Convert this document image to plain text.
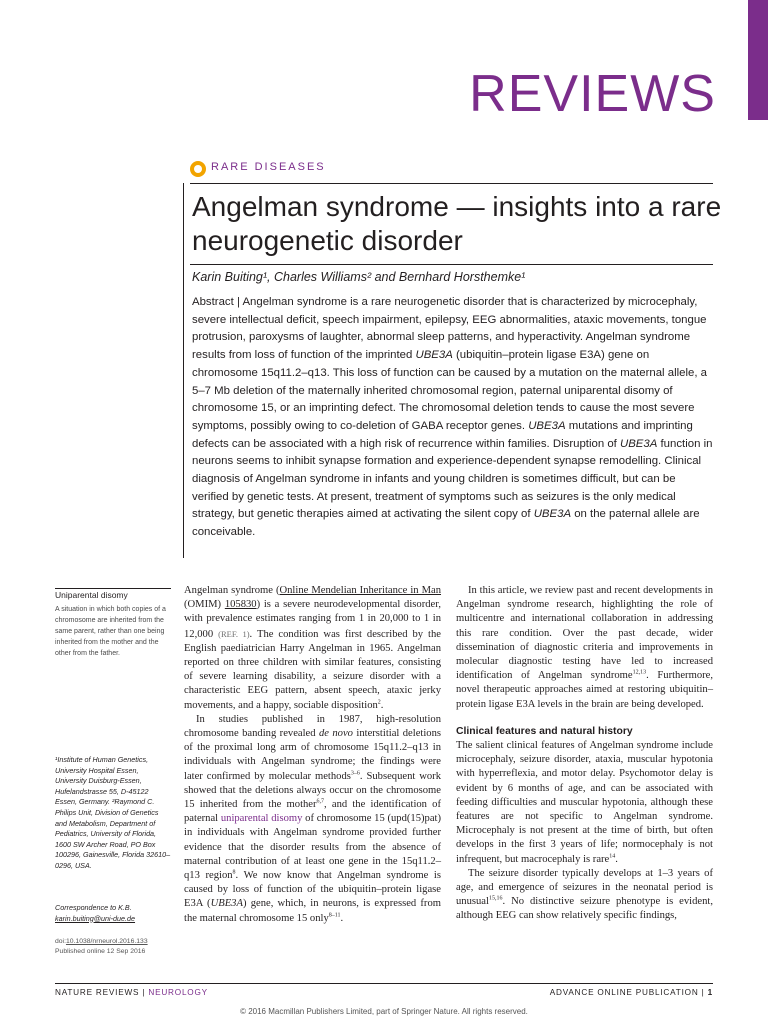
REVIEWS
RARE DISEASES
Angelman syndrome — insights into a rare neurogenetic disorder
Karin Buiting¹, Charles Williams² and Bernhard Horsthemke¹
Abstract | Angelman syndrome is a rare neurogenetic disorder that is characterized by microcephaly, severe intellectual deficit, speech impairment, epilepsy, EEG abnormalities, ataxic movements, tongue protrusion, paroxysms of laughter, abnormal sleep patterns, and hyperactivity. Angelman syndrome results from loss of function of the imprinted UBE3A (ubiquitin–protein ligase E3A) gene on chromosome 15q11.2–q13. This loss of function can be caused by a mutation on the maternal allele, a 5–7 Mb deletion of the maternally inherited chromosomal region, paternal uniparental disomy of chromosome 15, or an imprinting defect. The chromosomal deletion tends to cause the most severe symptoms, possibly owing to co-deletion of GABA receptor genes. UBE3A mutations and imprinting defects can be associated with a high risk of recurrence within families. Disruption of UBE3A function in neurons seems to inhibit synapse formation and experience-dependent synapse remodelling. Clinical diagnosis of Angelman syndrome in infants and young children is sometimes difficult, but can be verified by genetic tests. At present, treatment of symptoms such as seizures is the only medical strategy, but genetic therapies aimed at activating the silent copy of UBE3A on the paternal allele are conceivable.
Uniparental disomy
A situation in which both copies of a chromosome are inherited from the same parent, rather than one being inherited from the mother and the other from the father.
¹Institute of Human Genetics, University Hospital Essen, University Duisburg-Essen, Hufelandstrasse 55, D-45122 Essen, Germany. ²Raymond C. Philips Unit, Division of Genetics and Metabolism, Department of Pediatrics, University of Florida, 1600 SW Archer Road, PO Box 100296, Gainesville, Florida 32610–0296, USA.
Correspondence to K.B.
karin.buiting@uni-due.de
doi:10.1038/nrneurol.2016.133
Published online 12 Sep 2016

Angelman syndrome (Online Mendelian Inheritance in Man (OMIM) 105830) is a severe neurodevelopmental disorder, with prevalence estimates ranging from 1 in 20,000 to 1 in 12,000 (REF. 1). The condition was first described by the English paediatrician Harry Angelman in 1965. Angelman reported on three children with similar features, consisting of severe learning disability, a seizure disorder with a characteristic EEG pattern, absent speech, ataxic jerky movements, and a happy, sociable disposition$^2$.

In studies published in 1987, high-resolution chromosome banding revealed de novo interstitial deletions of the proximal long arm of chromosome 15q11.2–q13 in individuals with Angelman syndrome; the findings were later confirmed by molecular methods$^{3-6}$. Subsequent work showed that the deletions always occur on the chromosome 15 inherited from the mother$^{6,7}$, and the identification of paternal uniparental disomy of chromosome 15 (upd(15)pat) in individuals with Angelman syndrome provided further evidence that the disorder results from the absence of maternal contribution of at least one gene in the 15q11.2–q13 region$^8$. We now know that Angelman syndrome is caused by loss of function of the ubiquitin–protein ligase E3A (UBE3A) gene, which, in neurons, is expressed from the maternal chromosome 15 only$^{8-11}$.

In this article, we review past and recent developments in Angelman syndrome research, highlighting the role of multicentre and international collaboration in addressing this rare condition. Over the past decade, wider dissemination of diagnostic criteria and improvements in molecular diagnostic testing have led to increased identification of Angelman syndrome$^{12,13}$. Furthermore, novel therapeutic approaches aimed at restoring ubiquitin–protein ligase E3A levels in the brain are being developed.

Clinical features and natural history

The salient clinical features of Angelman syndrome include microcephaly, seizure disorder, ataxia, muscular hypotonia with hyperreflexia, and motor delay. Psychomotor delay is evident by 6 months of age, and can be associated with feeding difficulties and muscular hypotonia, although these features are not specific to Angelman syndrome. Microcephaly is not present at the time of birth, but often develops in the first 3 years of life; normocephaly is not infrequent, but macrocephaly is rare$^{14}$.

The seizure disorder typically develops at 1–3 years of age, and emergence of seizures in the neonatal period is unusual$^{15,16}$. No distinctive seizure phenotype is evident, although EEG can show relatively specific findings,

NATURE REVIEWS | NEUROLOGY	ADVANCE ONLINE PUBLICATION | 1
© 2016 Macmillan Publishers Limited, part of Springer Nature. All rights reserved.
